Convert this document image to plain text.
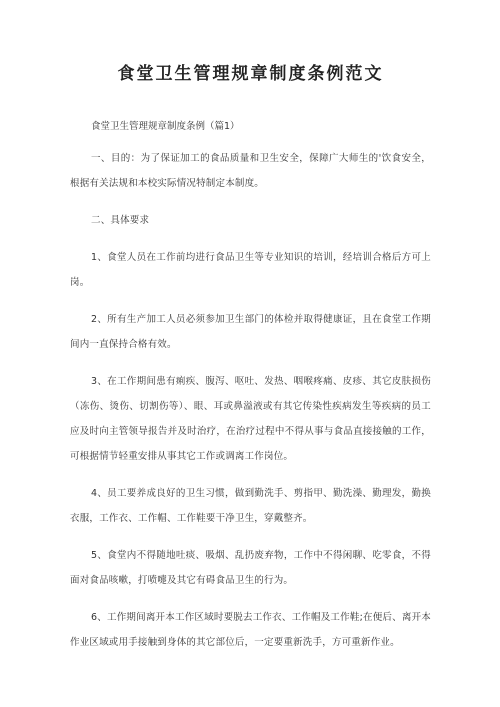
食堂卫生管理规章制度条例范文

食堂卫生管理规章制度条例（篇1）

一、目的：为了保证加工的食品质量和卫生安全，保障广大师生的'饮食安全，根据有关法规和本校实际情况特制定本制度。

二、具体要求

1、食堂人员在工作前均进行食品卫生等专业知识的培训，经培训合格后方可上岗。

2、所有生产加工人员必须参加卫生部门的体检并取得健康证，且在食堂工作期间内一直保持合格有效。

3、在工作期间患有痢疾、腹泻、呕吐、发热、咽喉疼痛、皮疹、其它皮肤损伤（冻伤、烫伤、切割伤等）、眼、耳或鼻溢液或有其它传染性疾病发生等疾病的员工应及时向主管领导报告并及时治疗，在治疗过程中不得从事与食品直接接触的工作，可根据情节轻重安排从事其它工作或调离工作岗位。

4、员工要养成良好的卫生习惯，做到勤洗手、剪指甲、勤洗澡、勤理发，勤换衣服，工作衣、工作帽、工作鞋要干净卫生，穿戴整齐。

5、食堂内不得随地吐痰、吸烟、乱扔废弃物，工作中不得闲聊、吃零食，不得面对食品咳嗽，打喷嚏及其它有碍食品卫生的行为。

6、工作期间离开本工作区域时要脱去工作衣、工作帽及工作鞋;在便后、离开本作业区域或用手接触到身体的其它部位后，一定要重新洗手，方可重新作业。
